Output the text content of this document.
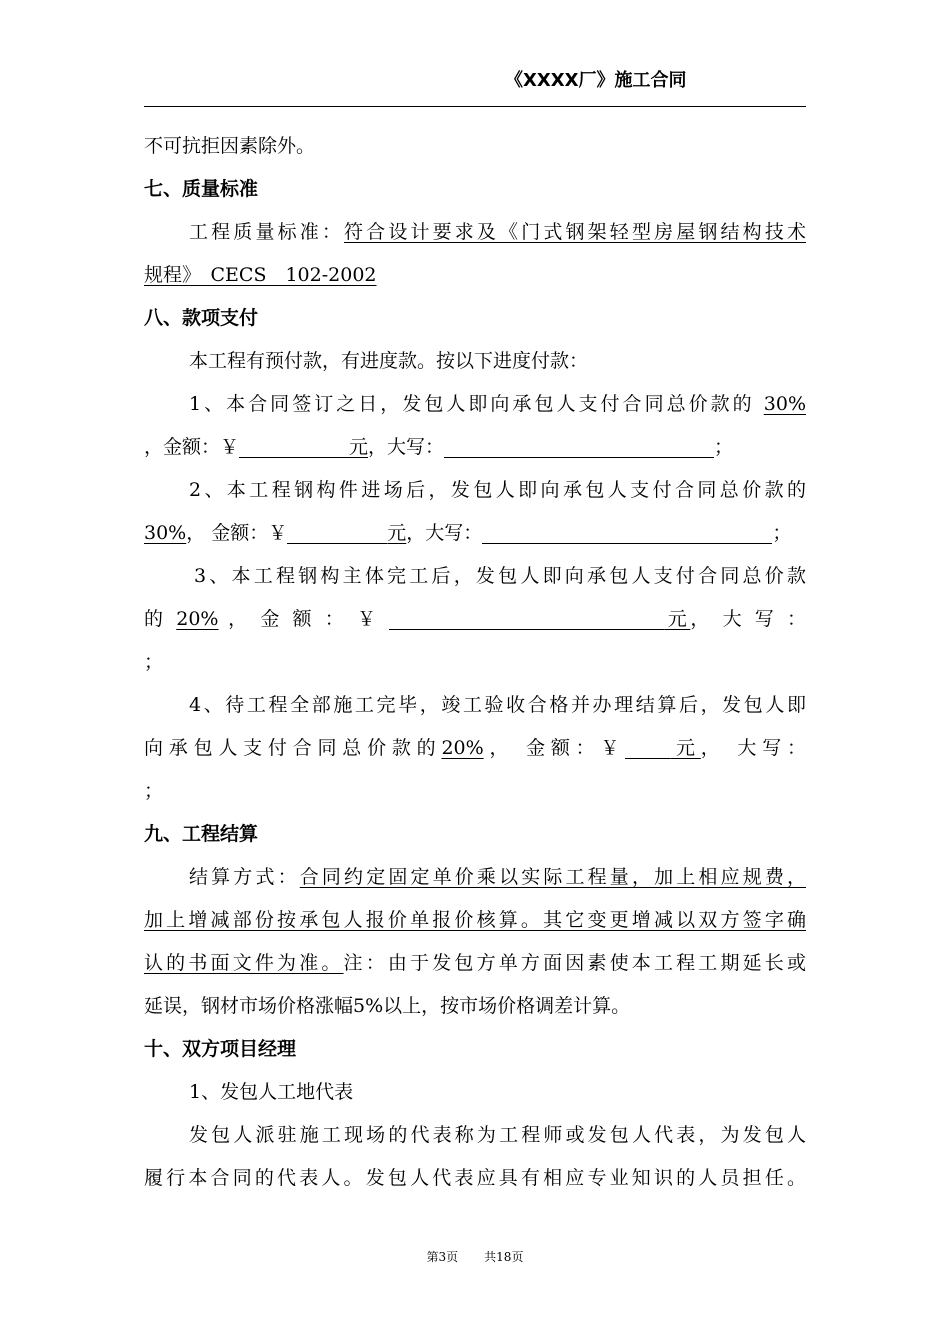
《XXXX厂》施工合同
不可抗拒因素除外。
七、质量标准
工程质量标准：符合设计要求及《门式钢架轻型房屋钢结构技术
规程》　CECS　102-2002
八、款项支付
本工程有预付款，有进度款。按以下进度付款：
1、本合同签订之日，发包人即向承包人支付合同总价款的 30%
，金额：￥	元，大写：	；
2、本工程钢构件进场后，发包人即向承包人支付合同总价款的
30%， 金额：￥	元，大写：	；
3、本工程钢构主体完工后，发包人即向承包人支付合同总价款
的 20% ， 金 额 ： ￥	元， 大 写 ：
；
4、待工程全部施工完毕，竣工验收合格并办理结算后，发包人即
向承包人支付合同总价款的20%， 金额：￥ 元， 大写：
；
九、工程结算
结算方式：合同约定固定单价乘以实际工程量，加上相应规费，
加上增减部份按承包人报价单报价核算。其它变更增减以双方签字确
认的书面文件为准。注：由于发包方单方面因素使本工程工期延长或
延误，钢材市场价格涨幅5%以上，按市场价格调差计算。
十、双方项目经理
1、发包人工地代表
发包人派驻施工现场的代表称为工程师或发包人代表，为发包人
履行本合同的代表人。发包人代表应具有相应专业知识的人员担任。
第3页 共18页
